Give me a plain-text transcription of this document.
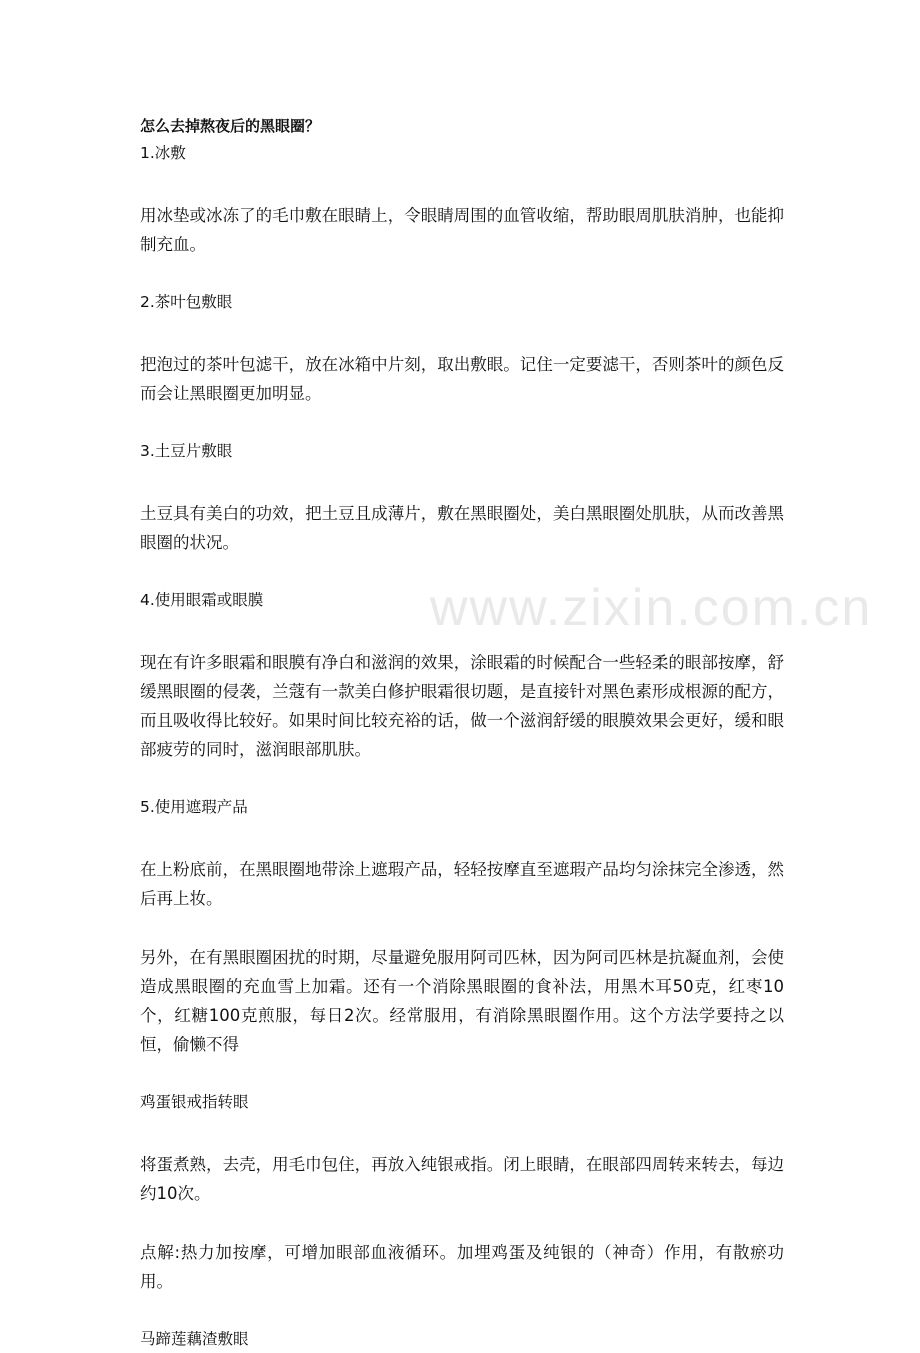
www.zixin.com.cn

怎么去掉熬夜后的黑眼圈？

1.冰敷

用冰垫或冰冻了的毛巾敷在眼睛上，令眼睛周围的血管收缩，帮助眼周肌肤消肿，也能抑制充血。

2.茶叶包敷眼

把泡过的茶叶包滤干，放在冰箱中片刻，取出敷眼。记住一定要滤干，否则茶叶的颜色反而会让黑眼圈更加明显。

3.土豆片敷眼

土豆具有美白的功效，把土豆且成薄片，敷在黑眼圈处，美白黑眼圈处肌肤，从而改善黑眼圈的状况。

4.使用眼霜或眼膜

现在有许多眼霜和眼膜有净白和滋润的效果，涂眼霜的时候配合一些轻柔的眼部按摩，舒缓黑眼圈的侵袭，兰蔻有一款美白修护眼霜很切题，是直接针对黑色素形成根源的配方，而且吸收得比较好。如果时间比较充裕的话，做一个滋润舒缓的眼膜效果会更好，缓和眼部疲劳的同时，滋润眼部肌肤。

5.使用遮瑕产品

在上粉底前，在黑眼圈地带涂上遮瑕产品，轻轻按摩直至遮瑕产品均匀涂抹完全渗透，然后再上妆。

另外，在有黑眼圈困扰的时期，尽量避免服用阿司匹林，因为阿司匹林是抗凝血剂，会使造成黑眼圈的充血雪上加霜。还有一个消除黑眼圈的食补法，用黑木耳50克，红枣10个，红糖100克煎服，每日2次。经常服用，有消除黑眼圈作用。这个方法学要持之以恒，偷懒不得

鸡蛋银戒指转眼

将蛋煮熟，去壳，用毛巾包住，再放入纯银戒指。闭上眼睛，在眼部四周转来转去，每边约10次。

点解:热力加按摩，可增加眼部血液循环。加埋鸡蛋及纯银的（神奇）作用，有散瘀功用。

马蹄莲藕渣敷眼
